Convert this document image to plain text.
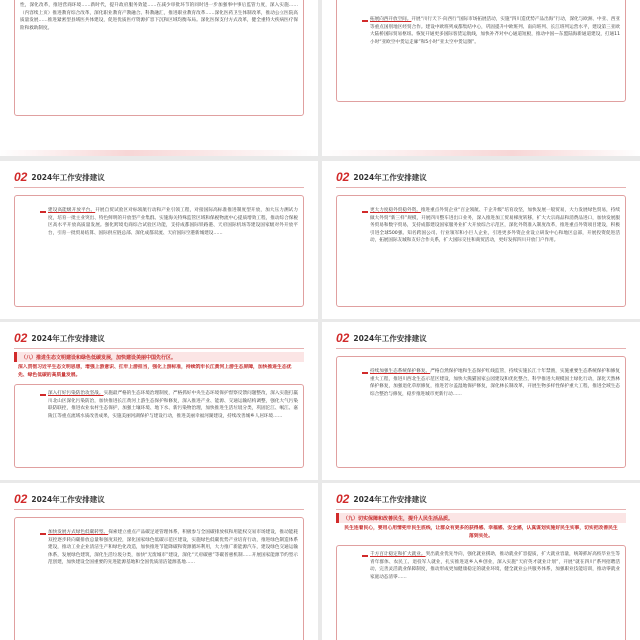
性，深化改革，推进营商环境……新时代，提升政府服务效能……在减少审批环节的同时进一步加强事中事后监管力度，深入实施……（内容续上页）推进教育综合改革，深化职业教育产教融合、科教融汇，推进职业教育改革……深化医药卫生体制改革，推动公立医院高质量发展……推进紧密型县域医共体建设，促进优质医疗资源扩容下沉和区域均衡布局。深化医保支付方式改革，健全重特大疾病医疗保险和救助制度。
拓展向西开放空间。开展“川行天下·向西行”国际市场拓展活动，实施“四川造优势产品出海”行动，深化与欧洲、中亚、西亚等重点国别地区经贸合作。建设中欧班列成都集结中心，巩固提升中欧班列、南向班列、长江班列运营水平，建设第三亚欧大陆桥国际贸易枢纽。恢复开通更多国际客货运航线，加快补齐对中心通道短板，推动中国—东盟陆海新通道建设，打通11小时“亚欧空中货运走廊”和5小时“亚太空中货运圈”。
02 2024年工作安排建议
建设高能级开放平台。开展自贸试验区对标领航行动和产业引领工程，对接国际高标准推进制度型开放，加大压力测试力度，培育一批主业突出、特色鲜明的开放型产业集群。实施海关特殊监管区域和保税物流中心提质增效工程，推动综合保税区高水平开放高质量发展。强化跨境电商综合试验区功能，支持成都国际铁路港、天府国际机场等建设国家级对外开放平台，引育一批贸易结算、国际供应链总部、深化成都双流、天府国际空港新城建设……
02 2024年工作安排建议
更大力度稳外贸稳外资。推进重点外贸企业“百企领航、千企升级”培育攻坚，加快发展一般贸易，大力发展绿色贸易，持续做大外贸“新三样”规模，开展四川整车进出口业务，深入推进加工贸易梯度转移，扩大大宗商品和消费品进口，加快发展服务贸易和数字贸易，支持成都建设国家服务业扩大开放综合示范区，深化外资准入制度改革，推进重点外资项目建设，积极引进全球500强、知名跨国公司、行业领军和小巨人企业，引进更多外资企业设立研发中心和地区总部，开展投资促进活动，拓展国际友城和友好合作关系，扩大国际交往和商贸活动，更好发挥四川开放门户作用。
02 2024年工作安排建议
（八）推进生态文明建设和绿色低碳发展，加快建设美丽中国先行区。
深入贯彻习近平生态文明思想，增强上游意识、扛牢上游担当，强化上游标准，持续筑牢长江黄河上游生态屏障，加快推进生态优先、绿色低碳的高质量发展。
深入打好污染防治攻坚战。实施最严格的生态环境治理制度，严格抓好中央生态环境保护督察反馈问题整改，深入实施打赢川北山区深化污染防治，加快推进长江黄河上游生态保护和修复，深入推进产业、能源、交通运输结构调整，强化大气污染联防联控，推进农业农村生态保护，加强土壤环境、地下水、新污染物治理，加快推进生活垃圾分类，巩固沱江、岷江、嘉陵江等重点流域水质改善成果，实施美丽河湖保护与建设行动，推进美丽幸福河湖建设，持续改善城乡人居环境……
02 2024年工作安排建议
持续加强生态系统保护修复。严格自然保护地和生态保护红线监管，持续实施长江十年禁渔，实施重要生态系统保护和修复重大工程，推进川西北生态示范区建设，加快大熊猫国家公园建设和优化整合，科学推进大规模国土绿化行动，深化天然林保护修复，加强退化草原修复，推进若尔盖湿地保护修复，深化林长制改革，开展生物多样性保护重大工程，推进全域生态综合整治与修复，稳步推进城市更新行动……
02 2024年工作安排建议
加快发展方式绿色低碳转型。探索建立重点产品碳足迹管理体系，积极参与全国碳排放权和用能权交易市场建设，推动能耗双控逐步转向碳排放总量和强度双控，深化国家绿色低碳示范区建设，实施绿色低碳优势产业培育行动，推进绿色制造体系建设，推动工业企业清洁生产和绿色化改造，加快推进节能降碳和资源循环利用，大力推广新能源汽车，建设绿色交通运输体系，发展绿色建筑，深化生活垃圾分类，加快“无废城市”建设，深化“天府碳惠”等碳普惠机制……开展国家能源节约型示范创建，加快建设全国重要的先进能源基地和全国优质清洁能源基地……
02 2024年工作安排建议
（九）切实保障和改善民生，提升人民生活品质。
民生连着民心，要用心用情兜牢民生底线，让群众有更多的获得感、幸福感、安全感，认真谋划实施好民生实事，切实把改善民生落到实处。
千方百计稳定和扩大就业。突出就业优先导向，强化就业援助，推动就业扩容提质，扩大就业容量，统筹抓好高校毕业生等青年群体、农民工、退役军人就业，扎实推进返乡入乡创业，深入实施“天府英才就业计划”，开展“就在四川”系列招聘活动，完善灵活就业保障制度，推动形成更加健康稳定的就业环境，健全就业公共服务体系，加强职业技能培训，推动零就业家庭动态清零……
